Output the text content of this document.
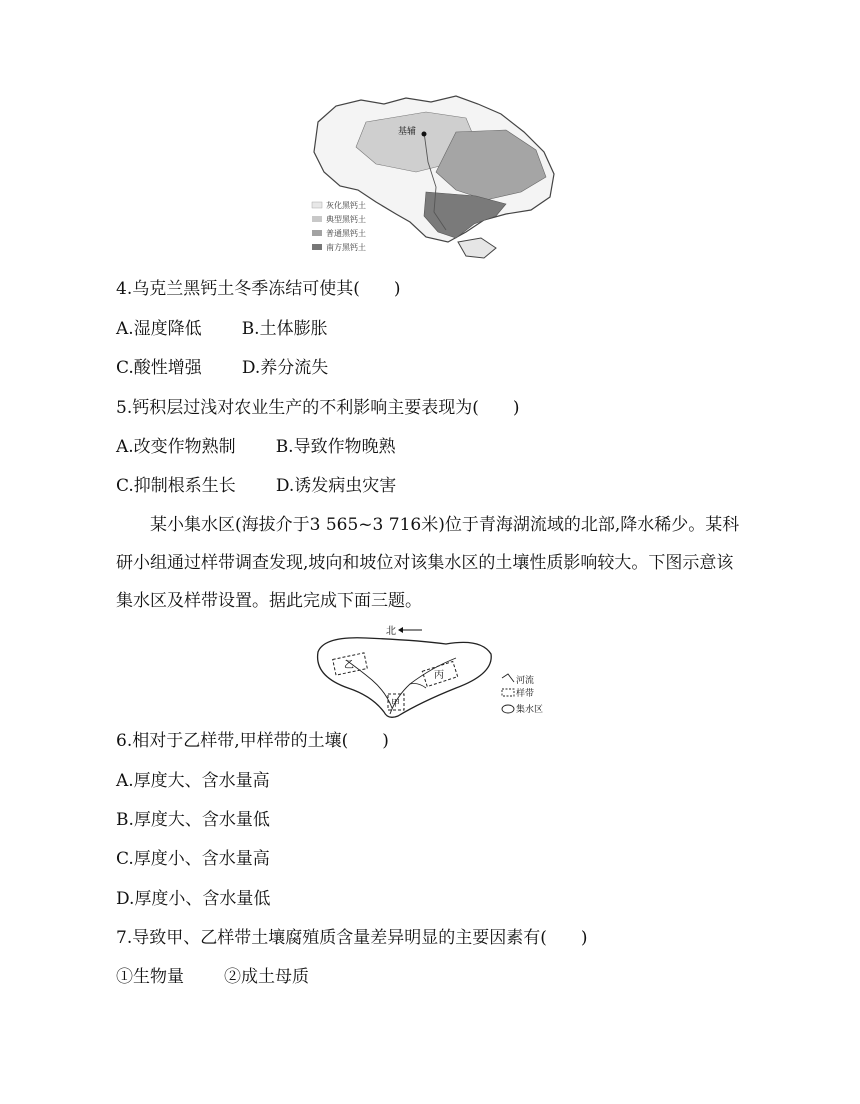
基辅
灰化黑钙土
典型黑钙土
普通黑钙土
南方黑钙土
4.乌克兰黑钙土冬季冻结可使其(　　)
A.湿度降低 B.土体膨胀
C.酸性增强 D.养分流失
5.钙积层过浅对农业生产的不利影响主要表现为(　　)
A.改变作物熟制 B.导致作物晚熟
C.抑制根系生长 D.诱发病虫灾害
某小集水区(海拔介于3 565~3 716米)位于青海湖流域的北部,降水稀少。某科研小组通过样带调查发现,坡向和坡位对该集水区的土壤性质影响较大。下图示意该集水区及样带设置。据此完成下面三题。
北
乙
丙
甲
河流
样带
集水区
6.相对于乙样带,甲样带的土壤(　　)
A.厚度大、含水量高
B.厚度大、含水量低
C.厚度小、含水量高
D.厚度小、含水量低
7.导致甲、乙样带土壤腐殖质含量差异明显的主要因素有(　　)
①生物量 ②成土母质
